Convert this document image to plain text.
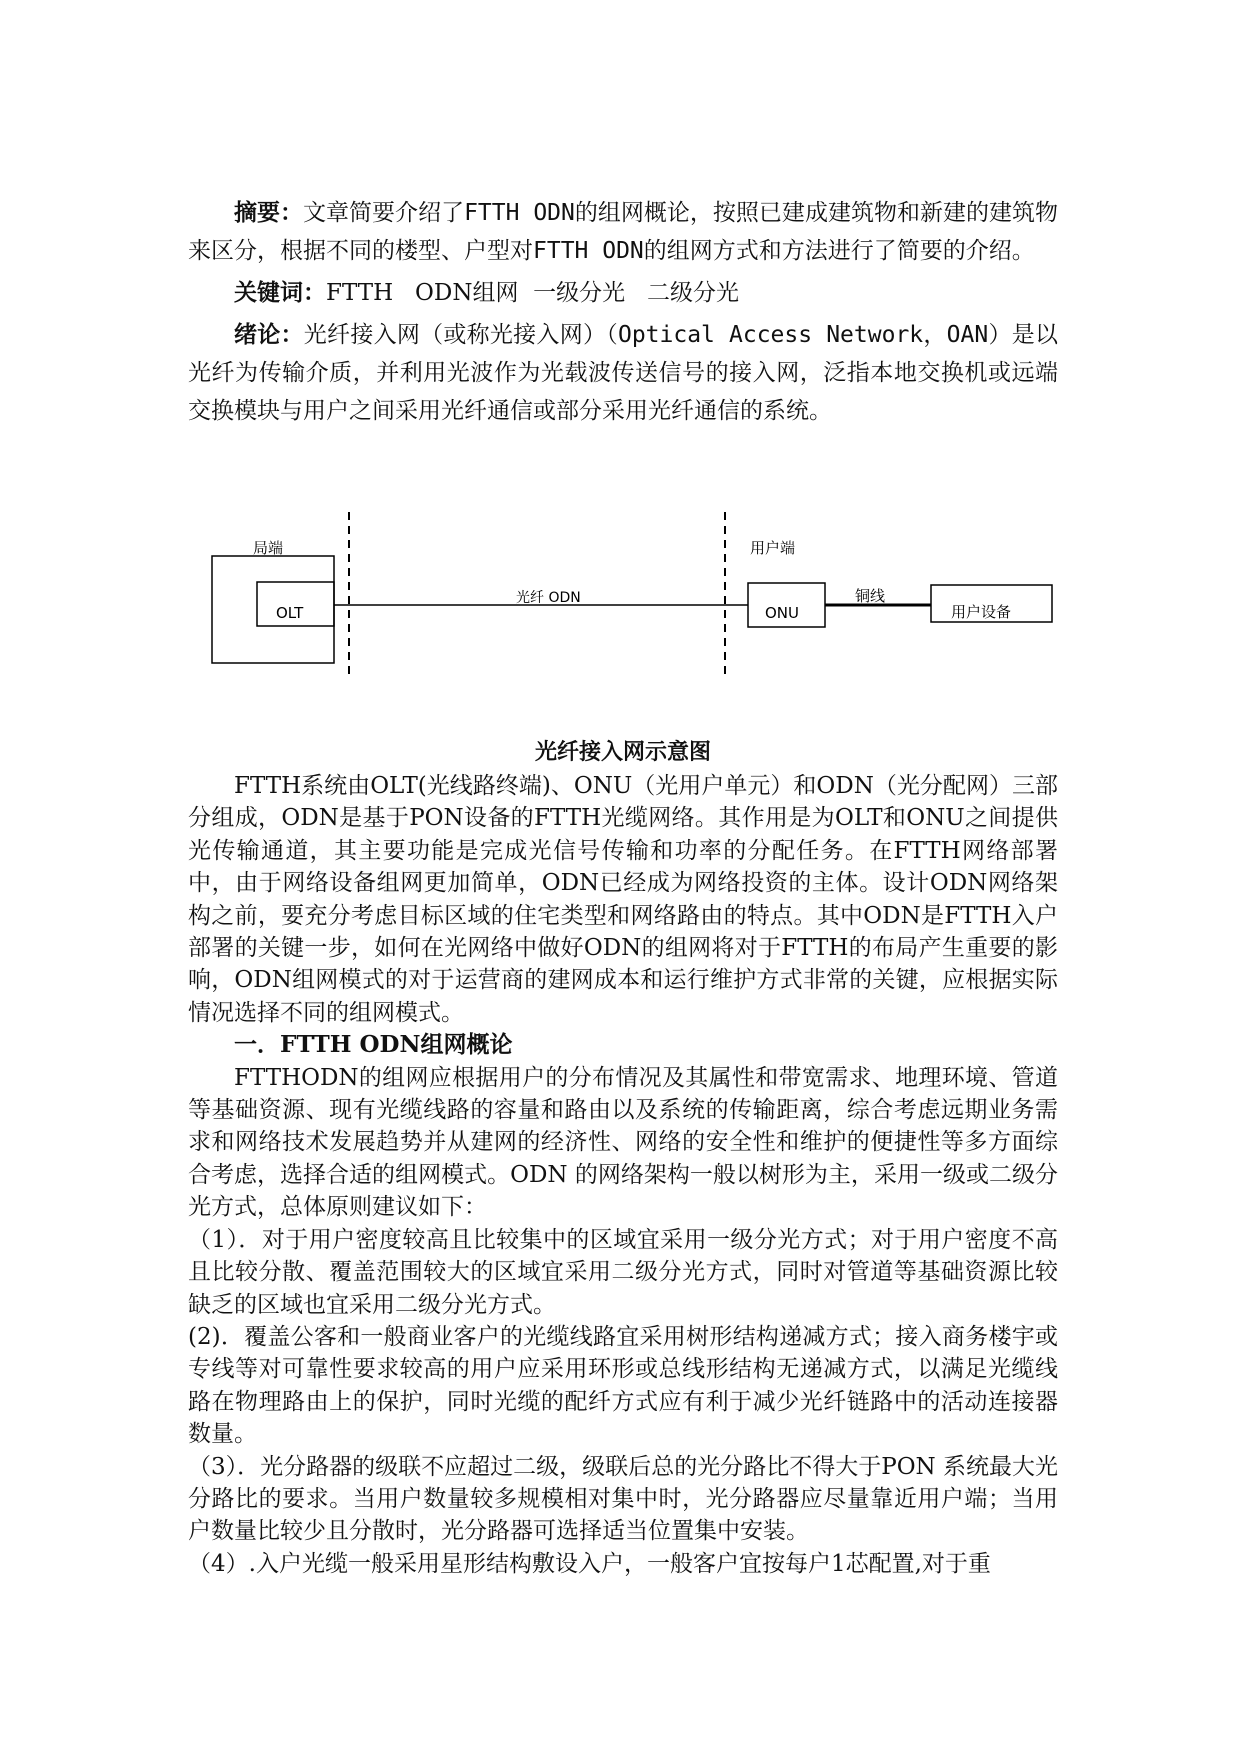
摘要：文章简要介绍了FTTH ODN的组网概论，按照已建成建筑物和新建的建筑物来区分，根据不同的楼型、户型对FTTH ODN的组网方式和方法进行了简要的介绍。

关键词：FTTH   ODN组网  一级分光   二级分光

绪论：光纤接入网（或称光接入网）（Optical Access Network，OAN）是以光纤为传输介质，并利用光波作为光载波传送信号的接入网，泛指本地交换机或远端交换模块与用户之间采用光纤通信或部分采用光纤通信的系统。

局端
OLT
光纤 ODN
用户端
ONU
铜线
用户设备
光纤接入网示意图

FTTH系统由OLT(光线路终端)、ONU（光用户单元）和ODN（光分配网）三部分组成，ODN是基于PON设备的FTTH光缆网络。其作用是为OLT和ONU之间提供光传输通道，其主要功能是完成光信号传输和功率的分配任务。在FTTH网络部署中，由于网络设备组网更加简单，ODN已经成为网络投资的主体。设计ODN网络架构之前，要充分考虑目标区域的住宅类型和网络路由的特点。其中ODN是FTTH入户部署的关键一步，如何在光网络中做好ODN的组网将对于FTTH的布局产生重要的影响，ODN组网模式的对于运营商的建网成本和运行维护方式非常的关键，应根据实际情况选择不同的组网模式。

一．FTTH ODN组网概论

FTTHODN的组网应根据用户的分布情况及其属性和带宽需求、地理环境、管道等基础资源、现有光缆线路的容量和路由以及系统的传输距离，综合考虑远期业务需求和网络技术发展趋势并从建网的经济性、网络的安全性和维护的便捷性等多方面综合考虑，选择合适的组网模式。ODN 的网络架构一般以树形为主，采用一级或二级分光方式，总体原则建议如下：

（1）．对于用户密度较高且比较集中的区域宜采用一级分光方式；对于用户密度不高且比较分散、覆盖范围较大的区域宜采用二级分光方式，同时对管道等基础资源比较缺乏的区域也宜采用二级分光方式。

(2)．覆盖公客和一般商业客户的光缆线路宜采用树形结构递减方式；接入商务楼宇或专线等对可靠性要求较高的用户应采用环形或总线形结构无递减方式，以满足光缆线路在物理路由上的保护，同时光缆的配纤方式应有利于减少光纤链路中的活动连接器数量。

（3）．光分路器的级联不应超过二级，级联后总的光分路比不得大于PON 系统最大光分路比的要求。当用户数量较多规模相对集中时，光分路器应尽量靠近用户端；当用户数量比较少且分散时，光分路器可选择适当位置集中安装。

（4）.入户光缆一般采用星形结构敷设入户，一般客户宜按每户1芯配置,对于重
